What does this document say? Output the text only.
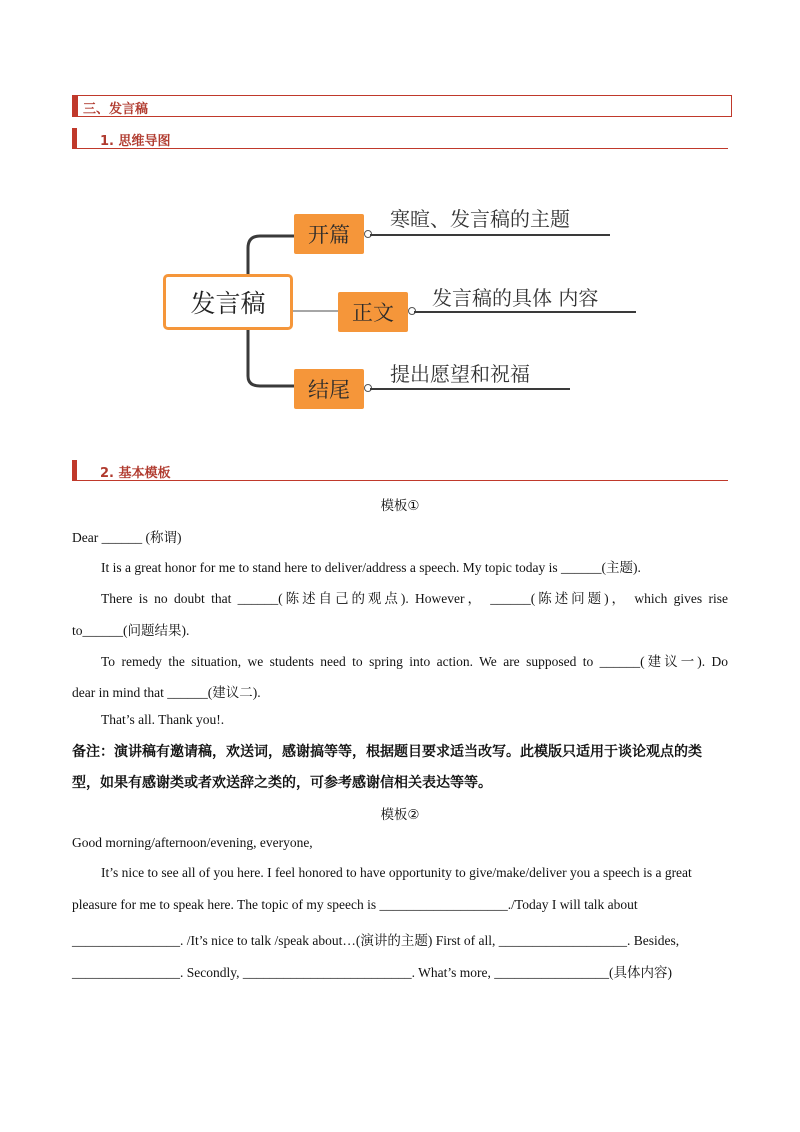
三、发言稿
1. 思维导图
发言稿
开篇
寒暄、发言稿的主题
正文
发言稿的具体 内容
结尾
提出愿望和祝福
2. 基本模板
模板①
Dear ______ (称谓)
It is a great honor for me to stand here to deliver/address a speech. My topic today is ______(主题).
There is no doubt that ______(陈述自己的观点). However， ______(陈述问题)， which gives rise
to______(问题结果).
To remedy the situation, we students need to spring into action. We are supposed to ______(建议一). Do
dear in mind that ______(建议二).
That’s all. Thank you!.
备注：演讲稿有邀请稿，欢送词，感谢搞等等，根据题目要求适当改写。此模版只适用于谈论观点的类
型，如果有感谢类或者欢送辞之类的，可参考感谢信相关表达等等。
模板②
Good morning/afternoon/evening, everyone,
It’s nice to see all of you here. I feel honored to have opportunity to give/make/deliver you a speech is a great
pleasure for me to speak here. The topic of my speech is ___________________./Today I will talk about
________________. /It’s nice to talk /speak about…(演讲的主题) First of all, ___________________. Besides,
________________. Secondly, _________________________. What’s more, _________________(具体内容)
